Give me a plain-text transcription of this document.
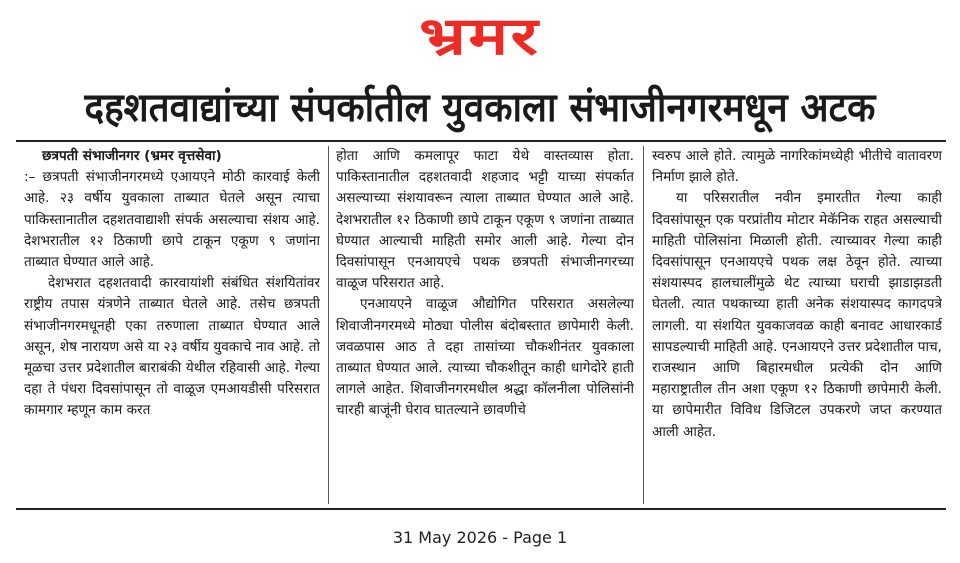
भ्रमर
दहशतवाद्यांच्या संपर्कातील युवकाला संभाजीनगरमधून अटक

छत्रपती संभाजीनगर (भ्रमर वृत्तसेवा)

:– छत्रपती संभाजीनगरमध्ये एआयएने मोठी कारवाई केली आहे. २३ वर्षीय युवकाला ताब्यात घेतले असून त्याचा पाकिस्तानातील दहशतवाद्याशी संपर्क असल्याचा संशय आहे. देशभरातील १२ ठिकाणी छापे टाकून एकूण ९ जणांना ताब्यात घेण्यात आले आहे.

देशभरात दहशतवादी कारवायांशी संबंधित संशयितांवर राष्ट्रीय तपास यंत्रणेने ताब्यात घेतले आहे. तसेच छत्रपती संभाजीनगरमधूनही एका तरुणाला ताब्यात घेण्यात आले असून, शेष नारायण असे या २३ वर्षीय युवकाचे नाव आहे. तो मूळचा उत्तर प्रदेशातील बाराबंकी येथील रहिवासी आहे. गेल्या दहा ते पंधरा दिवसांपासून तो वाळूज एमआयडीसी परिसरात कामगार म्हणून काम करत

होता आणि कमलापूर फाटा येथे वास्तव्यास होता. पाकिस्तानातील दहशतवादी शहजाद भट्टी याच्या संपर्कात असल्याच्या संशयावरून त्याला ताब्यात घेण्यात आले आहे. देशभरातील १२ ठिकाणी छापे टाकून एकूण ९ जणांना ताब्यात घेण्यात आल्याची माहिती समोर आली आहे. गेल्या दोन दिवसांपासून एनआयएचे पथक छत्रपती संभाजीनगरच्या वाळूज परिसरात आहे.

एनआयएने वाळूज औद्योगित परिसरात असलेल्या शिवाजीनगरमध्ये मोठ्या पोलीस बंदोबस्तात छापेमारी केली. जवळपास आठ ते दहा तासांच्या चौकशीनंतर युवकाला ताब्यात घेण्यात आले. त्याच्या चौकशीतून काही धागेदोरे हाती लागले आहेत. शिवाजीनगरमधील श्रद्धा कॉलनीला पोलिसांनी चारही बाजूंनी घेराव घातल्याने छावणीचे

स्वरुप आले होते. त्यामुळे नागरिकांमध्येही भीतीचे वातावरण निर्माण झाले होते.

या परिसरातील नवीन इमारतीत गेल्या काही दिवसांपासून एक परप्रांतीय मोटार मेकॅनिक राहत असल्याची माहिती पोलिसांना मिळाली होती. त्याच्यावर गेल्या काही दिवसांपासून एनआयएचे पथक लक्ष ठेवून होते. त्याच्या संशयास्पद हालचालींमुळे थेट त्याच्या घराची झाडाझडती घेतली. त्यात पथकाच्या हाती अनेक संशयास्पद कागदपत्रे लागली. या संशयित युवकाजवळ काही बनावट आधारकार्ड सापडल्याची माहिती आहे. एनआयएने उत्तर प्रदेशातील पाच, राजस्थान आणि बिहारमधील प्रत्येकी दोन आणि महाराष्ट्रातील तीन अशा एकूण १२ ठिकाणी छापेमारी केली. या छापेमारीत विविध डिजिटल उपकरणे जप्त करण्यात आली आहेत.

31 May 2026 - Page 1
